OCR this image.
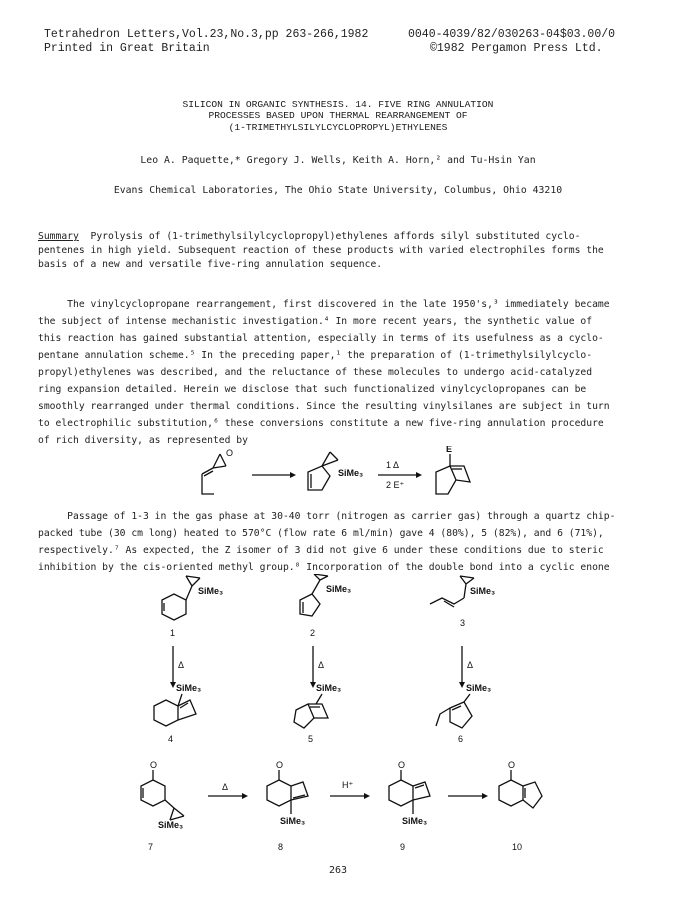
Tetrahedron Letters,Vol.23,No.3,pp 263-266,1982	0040-4039/82/030263-04$03.00/0
Printed in Great Britain	©1982 Pergamon Press Ltd.
SILICON IN ORGANIC SYNTHESIS. 14. FIVE RING ANNULATION
PROCESSES BASED UPON THERMAL REARRANGEMENT OF
(1-TRIMETHYLSILYLCYCLOPROPYL)ETHYLENES
Leo A. Paquette,* Gregory J. Wells, Keith A. Horn,² and Tu-Hsin Yan
Evans Chemical Laboratories, The Ohio State University, Columbus, Ohio 43210
Summary Pyrolysis of (1-trimethylsilylcyclopropyl)ethylenes affords silyl substituted cyclo-
pentenes in high yield. Subsequent reaction of these products with varied electrophiles forms the
basis of a new and versatile five-ring annulation sequence.
The vinylcyclopropane rearrangement, first discovered in the late 1950's,³ immediately became
the subject of intense mechanistic investigation.⁴ In more recent years, the synthetic value of
this reaction has gained substantial attention, especially in terms of its usefulness as a cyclo-
pentane annulation scheme.⁵ In the preceding paper,¹ the preparation of (1-trimethylsilylcyclo-
propyl)ethylenes was described, and the reluctance of these molecules to undergo acid-catalyzed
ring expansion detailed. Herein we disclose that such functionalized vinylcyclopropanes can be
smoothly rearranged under thermal conditions. Since the resulting vinylsilanes are subject in turn
to electrophilic substitution,⁶ these conversions constitute a new five-ring annulation procedure
of rich diversity, as represented by
O
SiMe₃
1 Δ
2 E⁺
E
Passage of 1-3 in the gas phase at 30-40 torr (nitrogen as carrier gas) through a quartz chip-
packed tube (30 cm long) heated to 570°C (flow rate 6 ml/min) gave 4 (80%), 5 (82%), and 6 (71%),
respectively.⁷ As expected, the Z isomer of 3 did not give 6 under these conditions due to steric
inhibition by the cis-oriented methyl group.⁸ Incorporation of the double bond into a cyclic enone
SiMe₃
1
Δ
SiMe₃
4
SiMe₃
2
Δ
SiMe₃
5
SiMe₃
3
Δ
SiMe₃
6
O
SiMe₃
7
Δ
O
SiMe₃
8
H⁺
O
SiMe₃
9
O
10
263
